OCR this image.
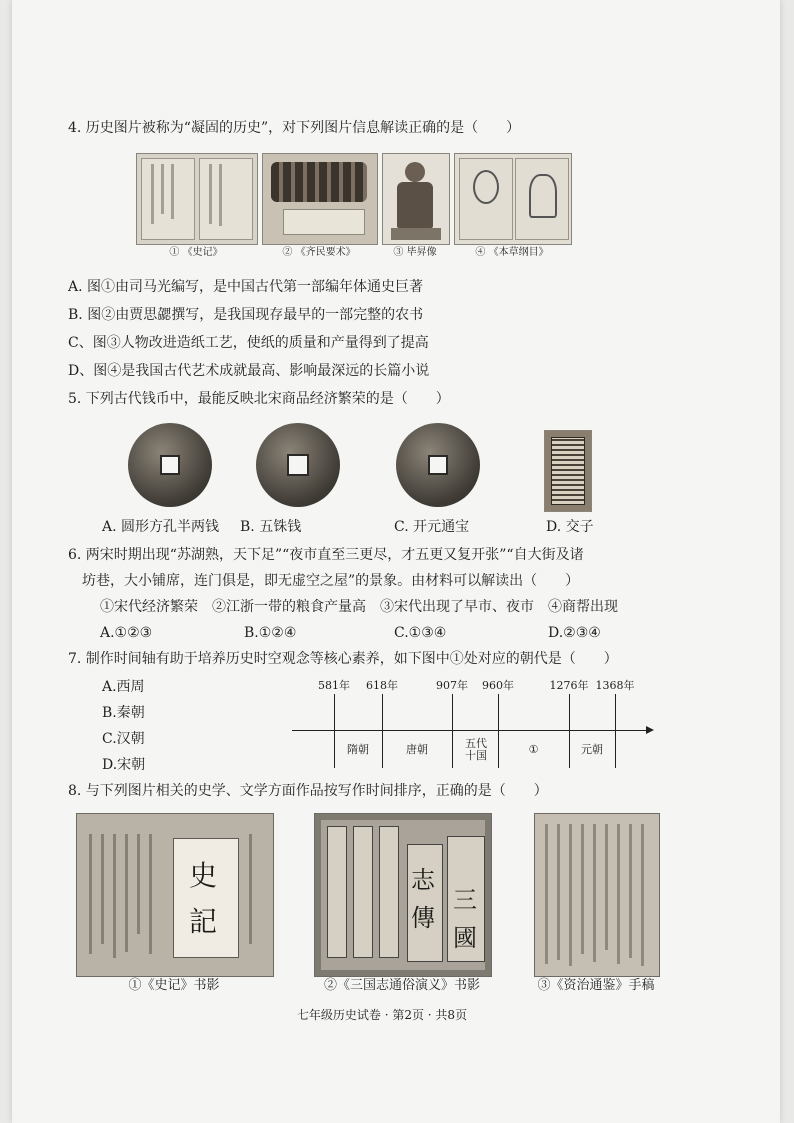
4. 历史图片被称为“凝固的历史”，对下列图片信息解读正确的是（　　）
① 《史记》	② 《齐民要术》	③ 毕昇像	④ 《本草纲目》
A. 图①由司马光编写，是中国古代第一部编年体通史巨著
B. 图②由贾思勰撰写，是我国现存最早的一部完整的农书
C、图③人物改进造纸工艺，使纸的质量和产量得到了提高
D、图④是我国古代艺术成就最高、影响最深远的长篇小说
5. 下列古代钱币中，最能反映北宋商品经济繁荣的是（　　）
A. 圆形方孔半两钱 B. 五铢钱	C. 开元通宝	D. 交子
6. 两宋时期出现“苏湖熟，天下足”“夜市直至三更尽，才五更又复开张”“自大街及诸
坊巷，大小铺席，连门俱是，即无虚空之屋”的景象。由材料可以解读出（　　）
①宋代经济繁荣　②江浙一带的粮食产量高　③宋代出现了早市、夜市　④商帮出现
A.①②③	B.①②④	C.①③④	D.②③④
7. 制作时间轴有助于培养历史时空观念等核心素养，如下图中①处对应的朝代是（　　）
A.西周
B.秦朝
C.汉朝
D.宋朝
581年	618年	907年	960年	1276年 1368年
隋朝	唐朝	五代十国	①	元朝
8. 与下列图片相关的史学、文学方面作品按写作时间排序，正确的是（　　）
史
記
志
傳
三
國
①《史记》书影	②《三国志通俗演义》书影	③《资治通鉴》手稿
七年级历史试卷 · 第2页 · 共8页
